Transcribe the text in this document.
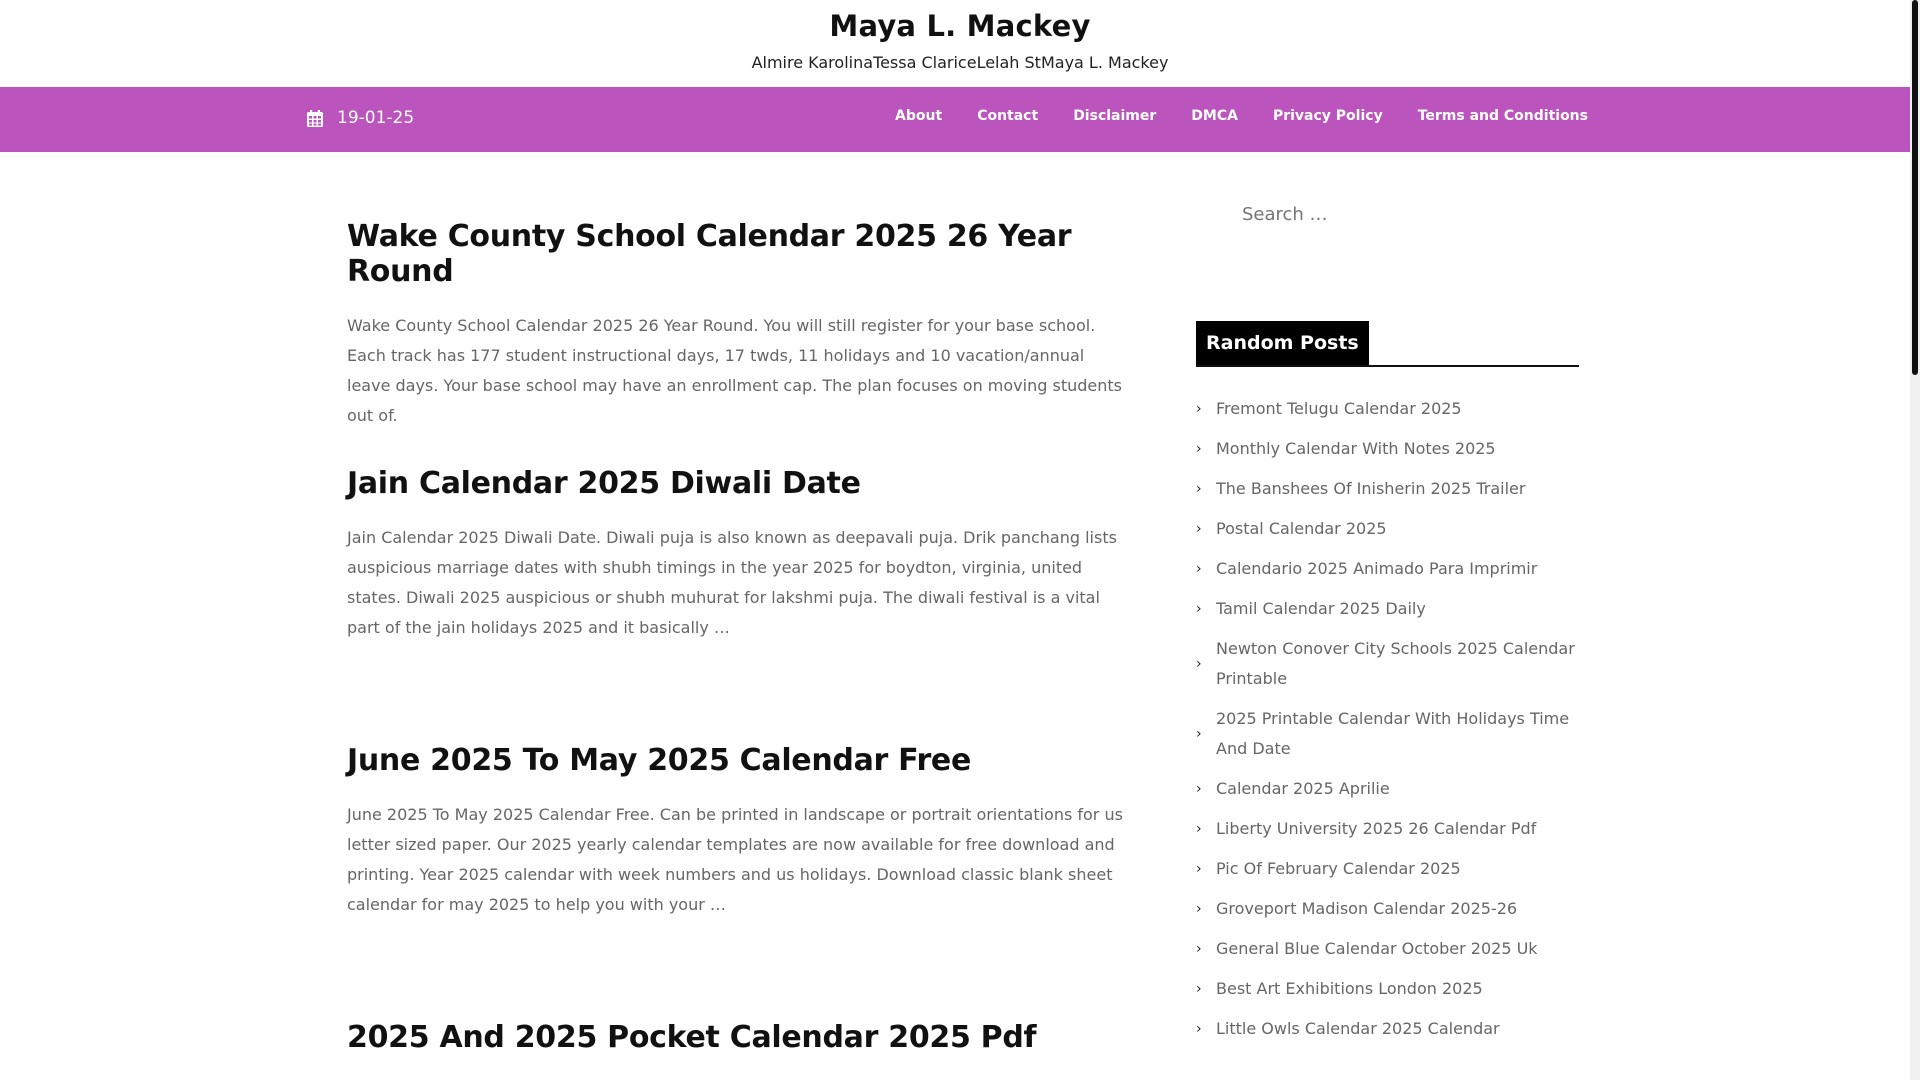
Maya L. Mackey
Almire KarolinaTessa ClariceLelah StMaya L. Mackey
19-01-25	About	Contact	Disclaimer	DMCA	Privacy Policy	Terms and Conditions
Wake County School Calendar 2025 26 Year Round

Wake County School Calendar 2025 26 Year Round. You will still register for your base school. Each track has 177 student instructional days, 17 twds, 11 holidays and 10 vacation/annual leave days. Your base school may have an enrollment cap. The plan focuses on moving students out of.

Jain Calendar 2025 Diwali Date

Jain Calendar 2025 Diwali Date. Diwali puja is also known as deepavali puja. Drik panchang lists auspicious marriage dates with shubh timings in the year 2025 for boydton, virginia, united states. Diwali 2025 auspicious or shubh muhurat for lakshmi puja. The diwali festival is a vital part of the jain holidays 2025 and it basically …

June 2025 To May 2025 Calendar Free

June 2025 To May 2025 Calendar Free. Can be printed in landscape or portrait orientations for us letter sized paper. Our 2025 yearly calendar templates are now available for free download and printing. Year 2025 calendar with week numbers and us holidays. Download classic blank sheet calendar for may 2025 to help you with your …

2025 And 2025 Pocket Calendar 2025 Pdf
Search …
Random Posts
› Fremont Telugu Calendar 2025
› Monthly Calendar With Notes 2025
› The Banshees Of Inisherin 2025 Trailer
› Postal Calendar 2025
› Calendario 2025 Animado Para Imprimir
› Tamil Calendar 2025 Daily
›
Newton Conover City Schools 2025 Calendar Printable
›
2025 Printable Calendar With Holidays Time And Date
› Calendar 2025 Aprilie
› Liberty University 2025 26 Calendar Pdf
› Pic Of February Calendar 2025
› Groveport Madison Calendar 2025-26
› General Blue Calendar October 2025 Uk
› Best Art Exhibitions London 2025
› Little Owls Calendar 2025 Calendar
